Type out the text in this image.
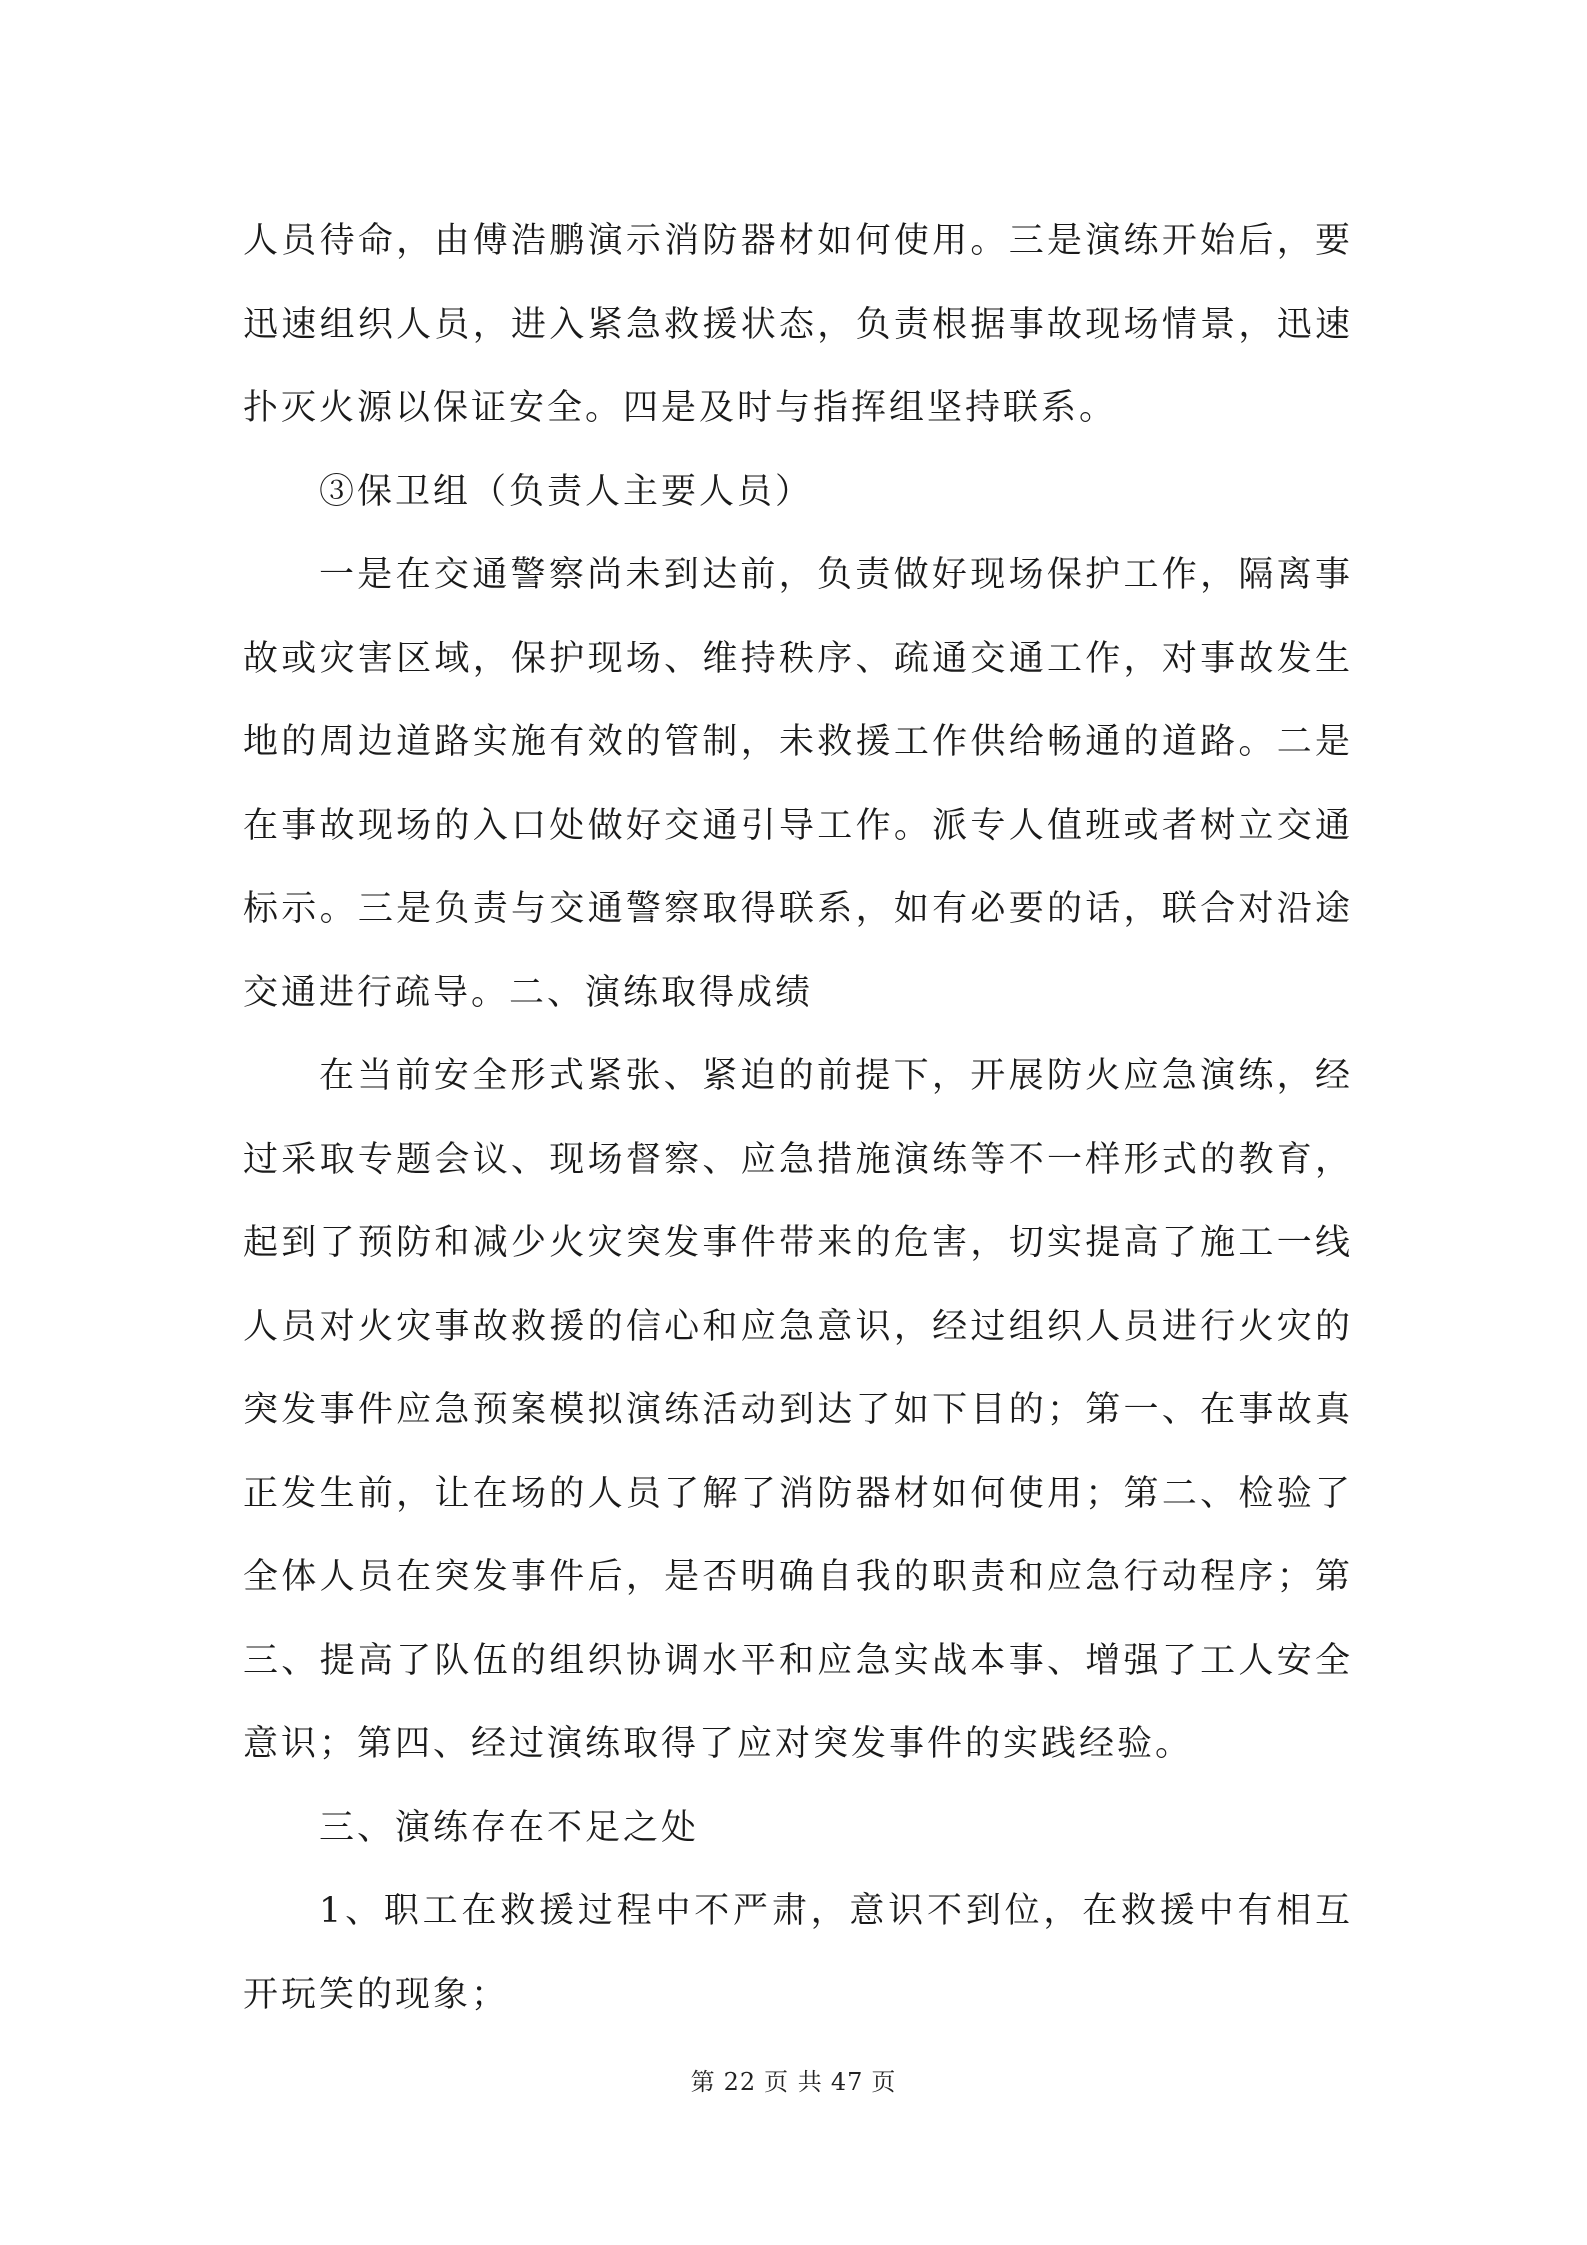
人员待命，由傅浩鹏演示消防器材如何使用。三是演练开始后，要迅速组织人员，进入紧急救援状态，负责根据事故现场情景，迅速扑灭火源以保证安全。四是及时与指挥组坚持联系。

③保卫组（负责人主要人员）

一是在交通警察尚未到达前，负责做好现场保护工作，隔离事故或灾害区域，保护现场、维持秩序、疏通交通工作，对事故发生地的周边道路实施有效的管制，未救援工作供给畅通的道路。二是在事故现场的入口处做好交通引导工作。派专人值班或者树立交通标示。三是负责与交通警察取得联系，如有必要的话，联合对沿途交通进行疏导。二、演练取得成绩

在当前安全形式紧张、紧迫的前提下，开展防火应急演练，经过采取专题会议、现场督察、应急措施演练等不一样形式的教育，起到了预防和减少火灾突发事件带来的危害，切实提高了施工一线人员对火灾事故救援的信心和应急意识，经过组织人员进行火灾的突发事件应急预案模拟演练活动到达了如下目的；第一、在事故真正发生前，让在场的人员了解了消防器材如何使用；第二、检验了全体人员在突发事件后，是否明确自我的职责和应急行动程序；第三、提高了队伍的组织协调水平和应急实战本事、增强了工人安全意识；第四、经过演练取得了应对突发事件的实践经验。

三、演练存在不足之处

1、职工在救援过程中不严肃，意识不到位，在救援中有相互开玩笑的现象；

第 22 页 共 47 页
